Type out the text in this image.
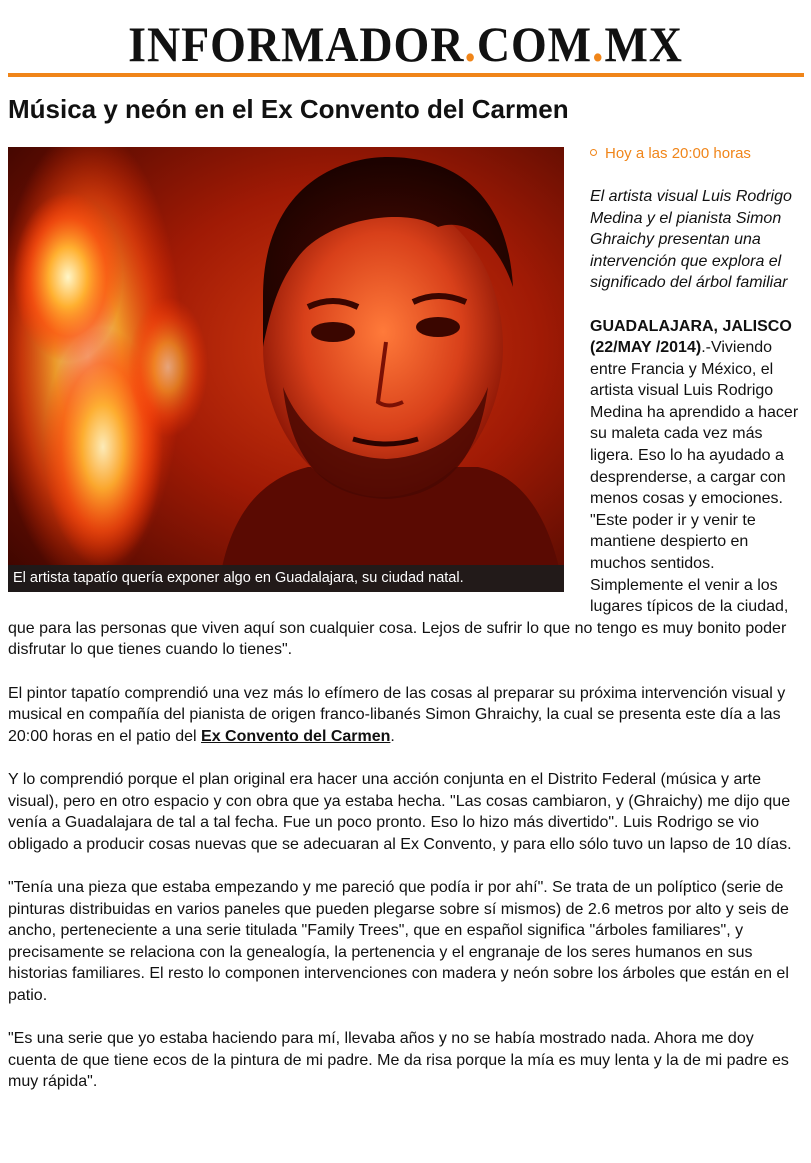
INFORMADOR.COM.MX
Música y neón en el Ex Convento del Carmen
El artista tapatío quería exponer algo en Guadalajara, su ciudad natal.
Hoy a las 20:00 horas

El artista visual Luis Rodrigo Medina y el pianista Simon Ghraichy presentan una intervención que explora el significado del árbol familiar

GUADALAJARA, JALISCO (22/MAY /2014).-Viviendo entre Francia y México, el artista visual Luis Rodrigo Medina ha aprendido a hacer su maleta cada vez más ligera. Eso lo ha ayudado a desprenderse, a cargar con menos cosas y emociones. "Este poder ir y venir te mantiene despierto en muchos sentidos. Simplemente el venir a los lugares típicos de la ciudad, que para las personas que viven aquí son cualquier cosa. Lejos de sufrir lo que no tengo es muy bonito poder disfrutar lo que tienes cuando lo tienes".

El pintor tapatío comprendió una vez más lo efímero de las cosas al preparar su próxima intervención visual y musical en compañía del pianista de origen franco-libanés Simon Ghraichy, la cual se presenta este día a las 20:00 horas en el patio del Ex Convento del Carmen.

Y lo comprendió porque el plan original era hacer una acción conjunta en el Distrito Federal (música y arte visual), pero en otro espacio y con obra que ya estaba hecha. "Las cosas cambiaron, y (Ghraichy) me dijo que venía a Guadalajara de tal a tal fecha. Fue un poco pronto. Eso lo hizo más divertido". Luis Rodrigo se vio obligado a producir cosas nuevas que se adecuaran al Ex Convento, y para ello sólo tuvo un lapso de 10 días.

"Tenía una pieza que estaba empezando y me pareció que podía ir por ahí". Se trata de un políptico (serie de pinturas distribuidas en varios paneles que pueden plegarse sobre sí mismos) de 2.6 metros por alto y seis de ancho, perteneciente a una serie titulada "Family Trees", que en español significa "árboles familiares", y precisamente se relaciona con la genealogía, la pertenencia y el engranaje de los seres humanos en sus historias familiares. El resto lo componen intervenciones con madera y neón sobre los árboles que están en el patio.

"Es una serie que yo estaba haciendo para mí, llevaba años y no se había mostrado nada. Ahora me doy cuenta de que tiene ecos de la pintura de mi padre. Me da risa porque la mía es muy lenta y la de mi padre es muy rápida".
